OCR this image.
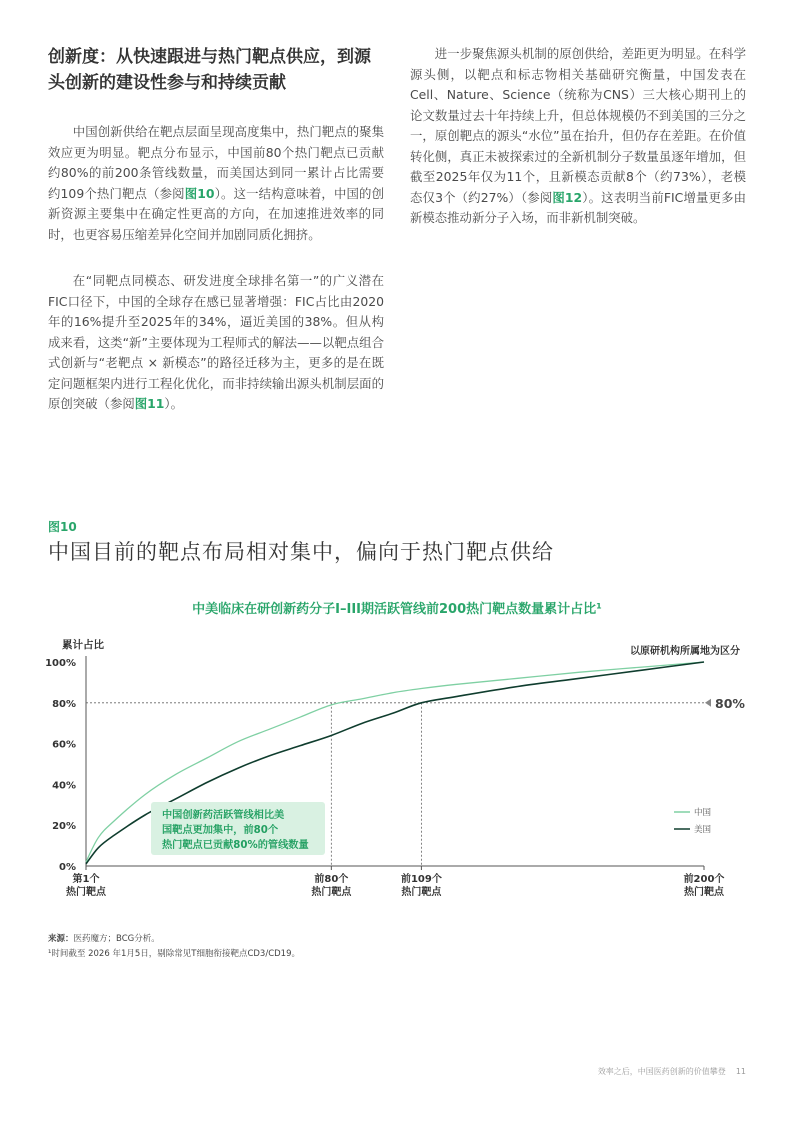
创新度：从快速跟进与热门靶点供应，到源头创新的建设性参与和持续贡献

中国创新供给在靶点层面呈现高度集中，热门靶点的聚集效应更为明显。靶点分布显示，中国前80个热门靶点已贡献约80%的前200条管线数量，而美国达到同一累计占比需要约109个热门靶点（参阅图10）。这一结构意味着，中国的创新资源主要集中在确定性更高的方向，在加速推进效率的同时，也更容易压缩差异化空间并加剧同质化拥挤。

在“同靶点同模态、研发进度全球排名第一”的广义潜在FIC口径下，中国的全球存在感已显著增强：FIC占比由2020年的16%提升至2025年的34%，逼近美国的38%。但从构成来看，这类“新”主要体现为工程师式的解法——以靶点组合式创新与“老靶点 × 新模态”的路径迁移为主，更多的是在既定问题框架内进行工程化优化，而非持续输出源头机制层面的原创突破（参阅图11）。

进一步聚焦源头机制的原创供给，差距更为明显。在科学源头侧，以靶点和标志物相关基础研究衡量，中国发表在Cell、Nature、Science（统称为CNS）三大核心期刊上的论文数量过去十年持续上升，但总体规模仍不到美国的三分之一，原创靶点的源头“水位”虽在抬升，但仍存在差距。在价值转化侧，真正未被探索过的全新机制分子数量虽逐年增加，但截至2025年仅为11个，且新模态贡献8个（约73%），老模态仅3个（约27%）（参阅图12）。这表明当前FIC增量更多由新模态推动新分子入场，而非新机制突破。

图10
中国目前的靶点布局相对集中，偏向于热门靶点供给
中美临床在研创新药分子I–III期活跃管线前200热门靶点数量累计占比¹
累计占比
以原研机构所属地为区分
0%
20%
40%
60%
80%
100%
80%
第1个热门靶点
前80个热门靶点
前109个热门靶点
前200个热门靶点
中国创新药活跃管线相比美
国靶点更加集中，前80个
热门靶点已贡献80%的管线数量
中国
美国
来源：医药魔方；BCG分析。
¹时间截至 2026 年1月5日，剔除常见T细胞衔接靶点CD3/CD19。
效率之后，中国医药创新的价值攀登 11
